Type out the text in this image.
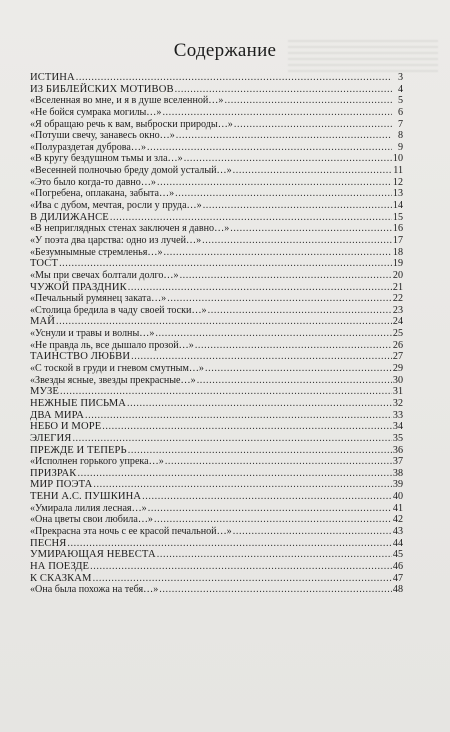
Содержание
ИСТИНА .....	3
ИЗ БИБЛЕЙСКИХ МОТИВОВ .....	4
«Вселенная во мне, и я в душе вселенной…» .....	5
«Не бойся сумрака могилы…» .....	6
«Я обращаю речь к вам, выброски природы…» .....	7
«Потуши свечу, занавесь окно…» .....	8
«Полураздетая дуброва…» .....	9
«В кругу бездушном тьмы и зла…» .....	10
«Весенней полночью бреду домой усталый…» .....	11
«Это было когда-то давно…» .....	12
«Погребена, оплакана, забыта…» .....	13
«Ива с дубом, мечтая, росли у пруда…» .....	14
В ДИЛИЖАНСЕ .....	15
«В неприглядных стенах заключен я давно…» .....	16
«У поэта два царства: одно из лучей…» .....	17
«Безумнымные стремленья…» .....	18
ТОСТ .....	19
«Мы при свечах болтали долго…» .....	20
ЧУЖОЙ ПРАЗДНИК .....	21
«Печальный румянец заката…» .....	22
«Столица бредила в чаду своей тоски…» .....	23
МАЙ .....	24
«Уснули и травы и волны…» .....	25
«Не правда ль, все дышало прозой…» .....	26
ТАИНСТВО ЛЮБВИ .....	27
«С тоской в груди и гневом смутным…» .....	29
«Звезды ясные, звезды прекрасные…» .....	30
МУЗЕ .....	31
НЕЖНЫЕ ПИСЬМА .....	32
ДВА МИРА .....	33
НЕБО И МОРЕ .....	34
ЭЛЕГИЯ .....	35
ПРЕЖДЕ И ТЕПЕРЬ .....	36
«Исполнен горького упрека…» .....	37
ПРИЗРАК .....	38
МИР ПОЭТА .....	39
ТЕНИ А.С. ПУШКИНА .....	40
«Умирала лилия лесная…» .....	41
«Она цветы свои любила…» .....	42
«Прекрасна эта ночь с ее красой печальной…» .....	43
ПЕСНЯ .....	44
УМИРАЮЩАЯ НЕВЕСТА .....	45
НА ПОЕЗДЕ .....	46
К СКАЗКАМ .....	47
«Она была похожа на тебя…» .....	48
